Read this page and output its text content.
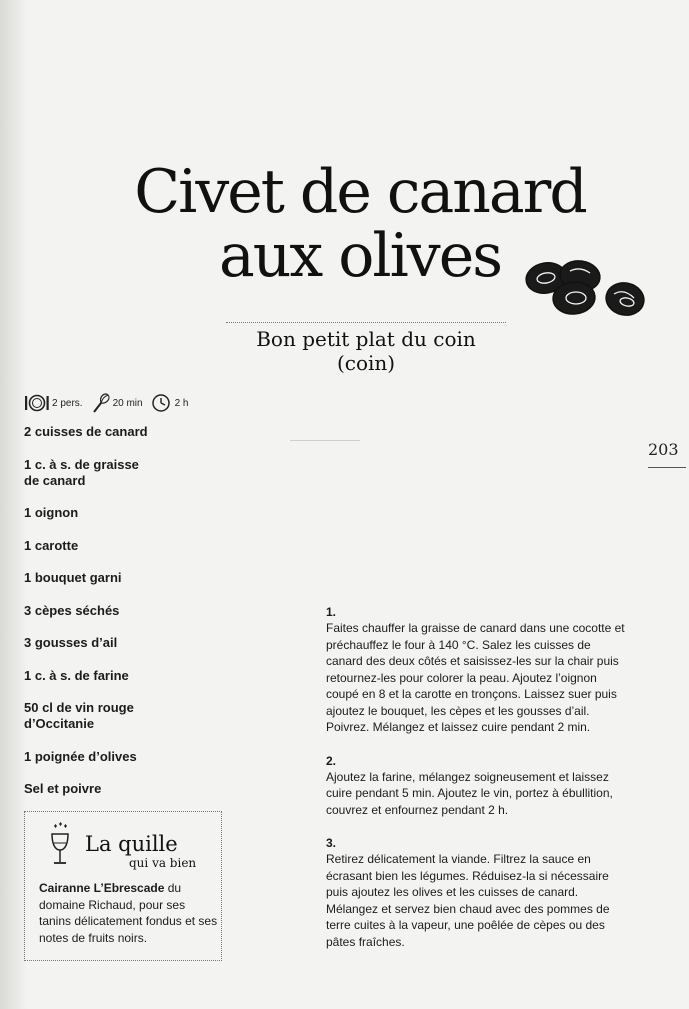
Civet de canard
aux olives
Bon petit plat du coin (coin)
2 pers.	20 min	2 h
203
2 cuisses de canard
1 c. à s. de graisse
de canard
1 oignon
1 carotte
1 bouquet garni
3 cèpes séchés
3 gousses d’ail
1 c. à s. de farine
50 cl de vin rouge
d’Occitanie
1 poignée d’olives
Sel et poivre
La quille
qui va bien
Cairanne L’Ebrescade du domaine Richaud, pour ses tanins délicatement fondus et ses notes de fruits noirs.
1.
Faites chauffer la graisse de canard dans une cocotte et préchauffez le four à 140 °C. Salez les cuisses de canard des deux côtés et saisissez-les sur la chair puis retournez-les pour colorer la peau. Ajoutez l’oignon coupé en 8 et la carotte en tronçons. Laissez suer puis ajoutez le bouquet, les cèpes et les gousses d’ail. Poivrez. Mélangez et laissez cuire pendant 2 min.
2.
Ajoutez la farine, mélangez soigneusement et laissez cuire pendant 5 min. Ajoutez le vin, portez à ébullition, couvrez et enfournez pendant 2 h.
3.
Retirez délicatement la viande. Filtrez la sauce en écrasant bien les légumes. Réduisez-la si nécessaire puis ajoutez les olives et les cuisses de canard. Mélangez et servez bien chaud avec des pommes de terre cuites à la vapeur, une poêlée de cèpes ou des pâtes fraîches.
